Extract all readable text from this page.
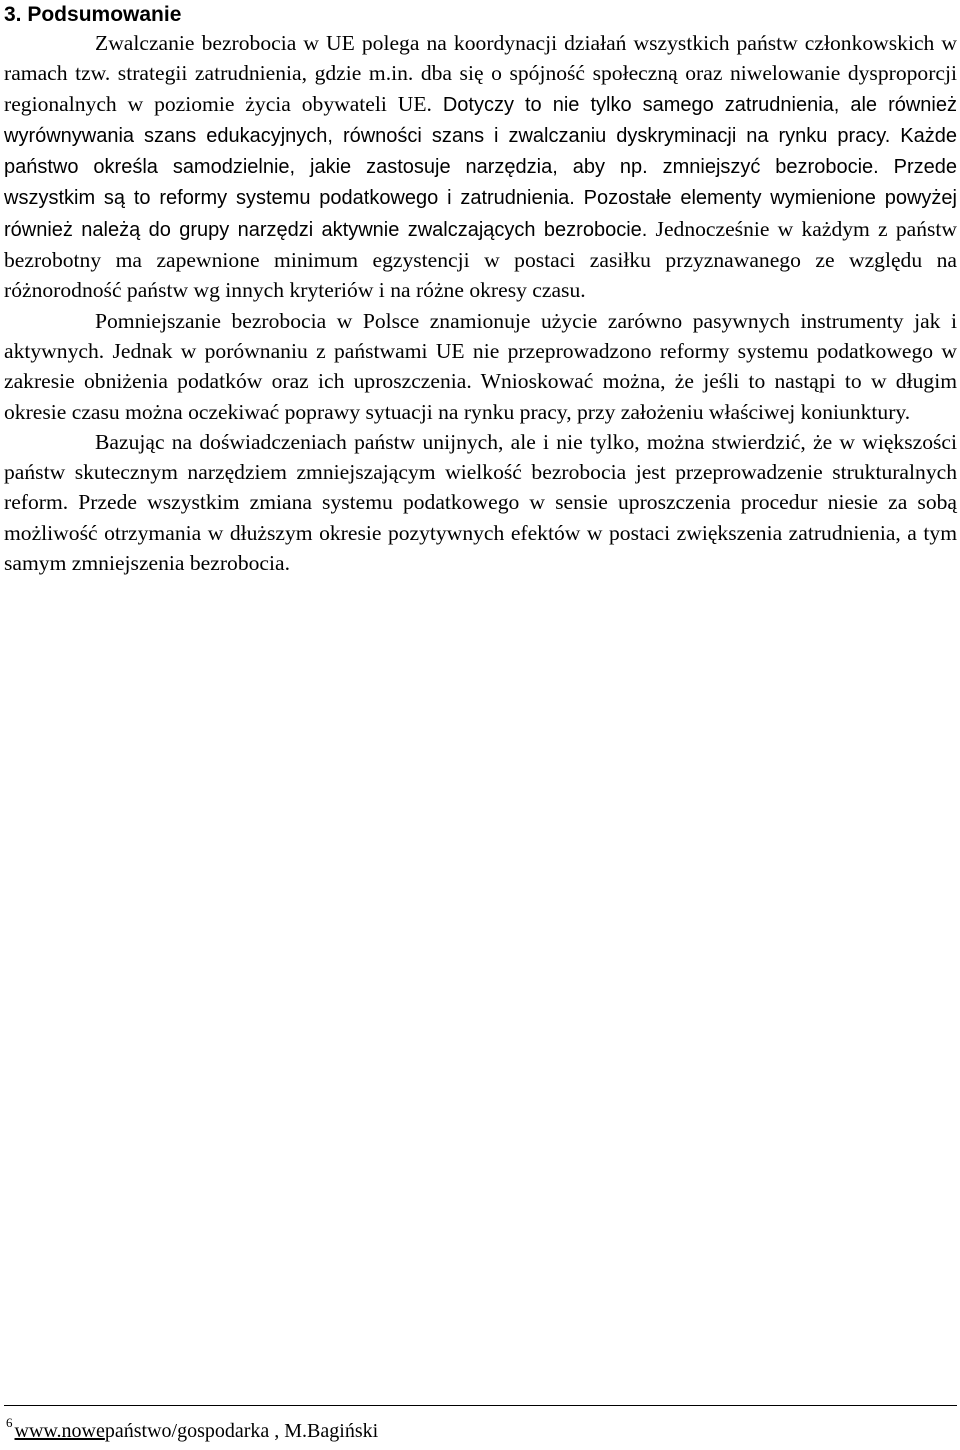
3. Podsumowanie

Zwalczanie bezrobocia w UE polega na koordynacji działań wszystkich państw członkowskich w ramach tzw. strategii zatrudnienia, gdzie m.in. dba się o spójność społeczną oraz niwelowanie dysproporcji regionalnych w poziomie życia obywateli UE. Dotyczy to nie tylko samego zatrudnienia, ale również wyrównywania szans edukacyjnych, równości szans i zwalczaniu dyskryminacji na rynku pracy. Każde państwo określa samodzielnie, jakie zastosuje narzędzia, aby np. zmniejszyć bezrobocie. Przede wszystkim są to reformy systemu podatkowego i zatrudnienia. Pozostałe elementy wymienione powyżej również należą do grupy narzędzi aktywnie zwalczających bezrobocie. Jednocześnie w każdym z państw bezrobotny ma zapewnione minimum egzystencji w postaci zasiłku przyznawanego ze względu na różnorodność państw wg innych kryteriów i na różne okresy czasu.

Pomniejszanie bezrobocia w Polsce znamionuje użycie zarówno pasywnych instrumenty jak i aktywnych. Jednak w porównaniu z państwami UE nie przeprowadzono reformy systemu podatkowego w zakresie obniżenia podatków oraz ich uproszczenia. Wnioskować można, że jeśli to nastąpi to w długim okresie czasu można oczekiwać poprawy sytuacji na rynku pracy, przy założeniu właściwej koniunktury.

Bazując na doświadczeniach państw unijnych, ale i nie tylko, można stwierdzić, że w większości państw skutecznym narzędziem zmniejszającym wielkość bezrobocia jest przeprowadzenie strukturalnych reform. Przede wszystkim zmiana systemu podatkowego w sensie uproszczenia procedur niesie za sobą możliwość otrzymania w dłuższym okresie pozytywnych efektów w postaci zwiększenia zatrudnienia, a tym samym zmniejszenia bezrobocia.

$^6$ www.nowepaństwo/gospodarka , M.Bagiński
